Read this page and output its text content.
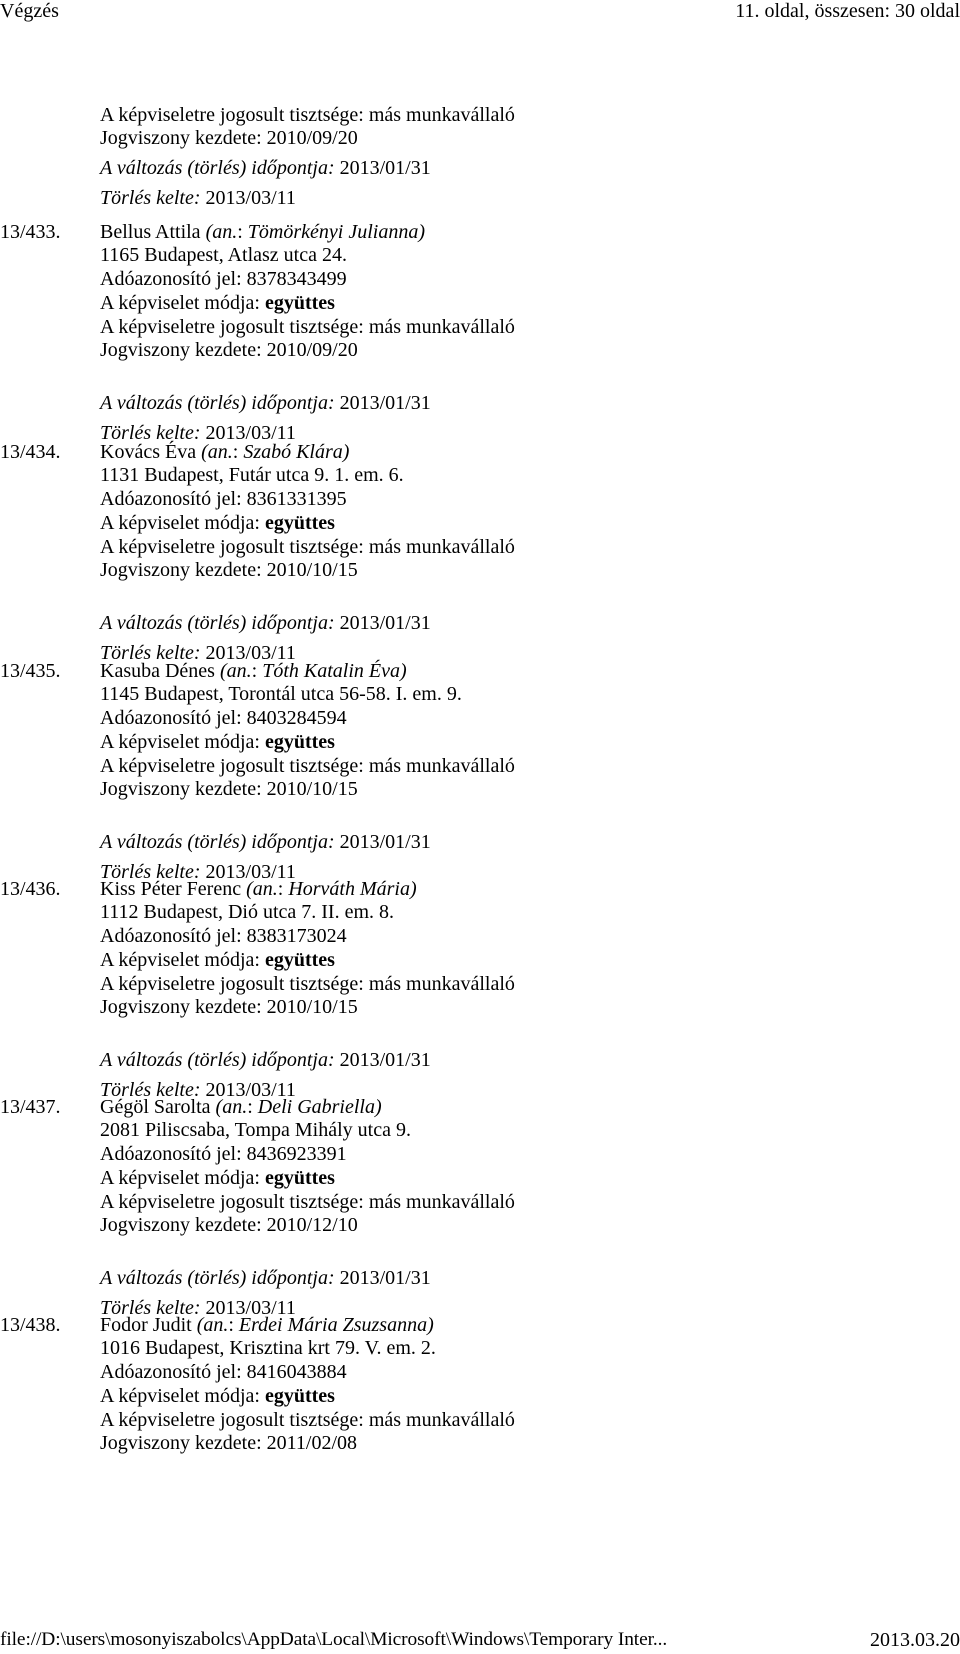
Végzés	11. oldal, összesen: 30 oldal
A képviseletre jogosult tisztsége: más munkavállaló
Jogviszony kezdete: 2010/09/20
A változás (törlés) időpontja: 2013/01/31
Törlés kelte: 2013/03/11
13/433. Bellus Attila (an.: Tömörkényi Julianna)
1165 Budapest, Atlasz utca 24.
Adóazonosító jel: 8378343499
A képviselet módja: együttes
A képviseletre jogosult tisztsége: más munkavállaló
Jogviszony kezdete: 2010/09/20
A változás (törlés) időpontja: 2013/01/31
Törlés kelte: 2013/03/11
13/434. Kovács Éva (an.: Szabó Klára)
1131 Budapest, Futár utca 9. 1. em. 6.
Adóazonosító jel: 8361331395
A képviselet módja: együttes
A képviseletre jogosult tisztsége: más munkavállaló
Jogviszony kezdete: 2010/10/15
A változás (törlés) időpontja: 2013/01/31
Törlés kelte: 2013/03/11
13/435. Kasuba Dénes (an.: Tóth Katalin Éva)
1145 Budapest, Torontál utca 56-58. I. em. 9.
Adóazonosító jel: 8403284594
A képviselet módja: együttes
A képviseletre jogosult tisztsége: más munkavállaló
Jogviszony kezdete: 2010/10/15
A változás (törlés) időpontja: 2013/01/31
Törlés kelte: 2013/03/11
13/436. Kiss Péter Ferenc (an.: Horváth Mária)
1112 Budapest, Dió utca 7. II. em. 8.
Adóazonosító jel: 8383173024
A képviselet módja: együttes
A képviseletre jogosult tisztsége: más munkavállaló
Jogviszony kezdete: 2010/10/15
A változás (törlés) időpontja: 2013/01/31
Törlés kelte: 2013/03/11
13/437. Gégöl Sarolta (an.: Deli Gabriella)
2081 Piliscsaba, Tompa Mihály utca 9.
Adóazonosító jel: 8436923391
A képviselet módja: együttes
A képviseletre jogosult tisztsége: más munkavállaló
Jogviszony kezdete: 2010/12/10
A változás (törlés) időpontja: 2013/01/31
Törlés kelte: 2013/03/11
13/438. Fodor Judit (an.: Erdei Mária Zsuzsanna)
1016 Budapest, Krisztina krt 79. V. em. 2.
Adóazonosító jel: 8416043884
A képviselet módja: együttes
A képviseletre jogosult tisztsége: más munkavállaló
Jogviszony kezdete: 2011/02/08
file://D:\users\mosonyiszabolcs\AppData\Local\Microsoft\Windows\Temporary Inter...	2013.03.20
